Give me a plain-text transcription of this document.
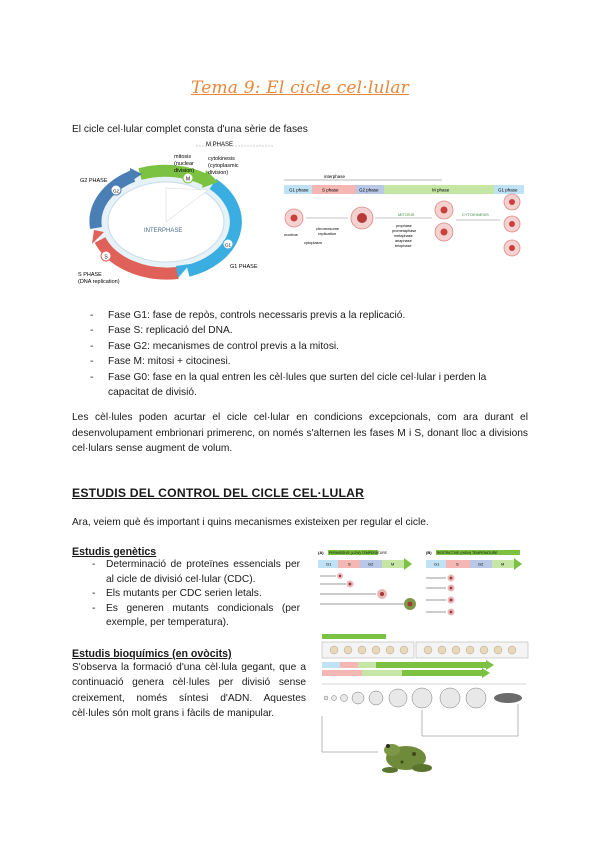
Tema 9: El cicle cel·lular
El cicle cel·lular complet consta d'una sèrie de fases
M
G1
S
G2
M PHASE
mitosis
(nuclear
division)
cytokinesis
(cytoplasmic
division)
G2 PHASE
INTERPHASE
G1 PHASE
S PHASE
(DNA replication)
interphase
G1 phase	S phase	G2 phase	M phase	G1 phase
nucleus
chromosome
replication
cytoplasm
MITOSIS
prophase
prometaphase
metaphase
anaphase
telophase
CYTOKINESIS
- Fase G1: fase de repòs, controls necessaris previs a la replicació.
- Fase S: replicació del DNA.
- Fase G2: mecanismes de control previs a la mitosi.
- Fase M: mitosi + citocinesi.
- Fase G0: fase en la qual entren les cèl·lules que surten del cicle cel·lular i perden la capacitat de divisió.
Les cèl·lules poden acurtar el cicle cel·lular en condicions excepcionals, com ara durant el desenvolupament embrionari primerenc, on només s'alternen les fases M i S, donant lloc a divisions cel·lulars sense augment de volum.
ESTUDIS DEL CONTROL DEL CICLE CEL·LULAR
Ara, veiem què és important i quins mecanismes existeixen per regular el cicle.
Estudis genètics
- Determinació de proteïnes essencials per al cicle de divisió cel·lular (CDC).
- Els mutants per CDC serien letals.
- Es generen mutants condicionals (per exemple, per temperatura).
Estudis bioquímics (en ovòcits)
S'observa la formació d'una cèl·lula gegant, que a continuació genera cèl·lules per divisió sense creixement, només síntesi d'ADN. Aquestes cèl·lules són molt grans i fàcils de manipular.
(A) PERMISSIVE (LOW) TEMPERATURE	(B) RESTRICTIVE (HIGH) TEMPERATURE
G1	S	G2	M	G1	S	G2	M
